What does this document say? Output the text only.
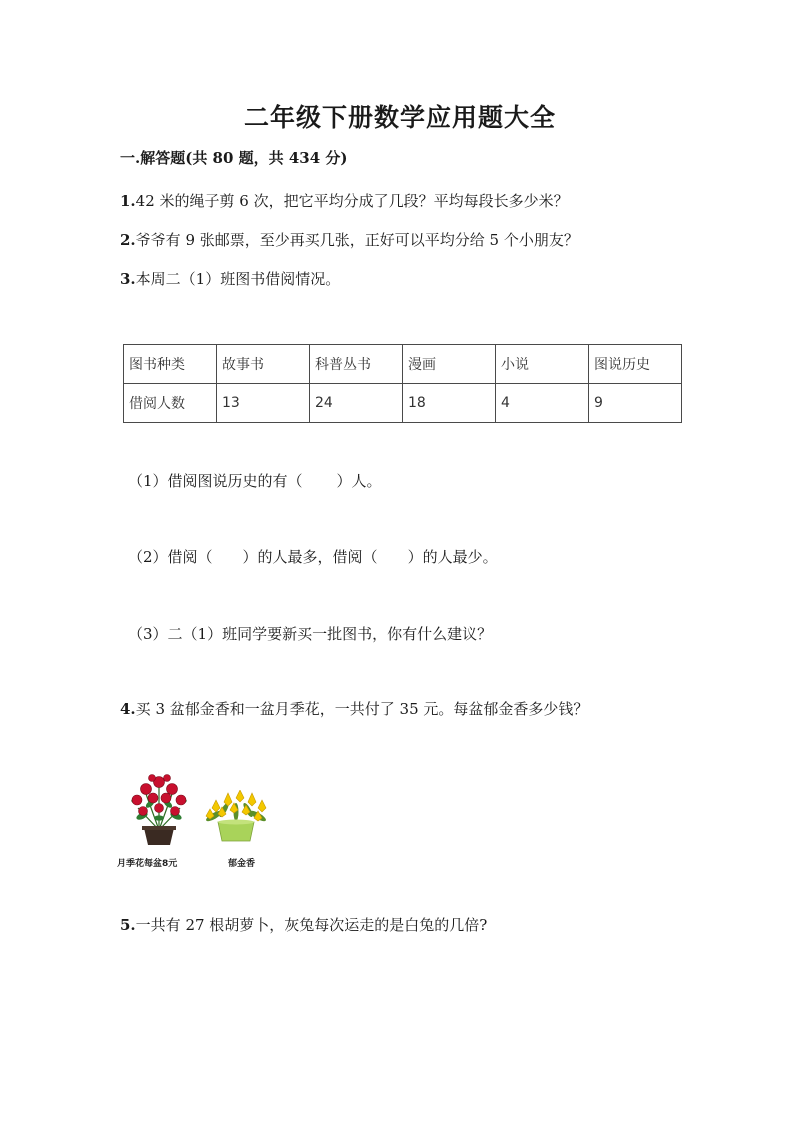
二年级下册数学应用题大全
一.解答题(共 80 题，共 434 分)
1.42 米的绳子剪 6 次，把它平均分成了几段？平均每段长多少米？
2.爷爷有 9 张邮票，至少再买几张，正好可以平均分给 5 个小朋友？
3.本周二（1）班图书借阅情况。
图书种类	故事书	科普丛书	漫画	小说	图说历史
借阅人数	13	24	18	4	9
（1）借阅图说历史的有（ ）人。
（2）借阅（ ）的人最多，借阅（ ）的人最少。
（3）二（1）班同学要新买一批图书，你有什么建议？
4.买 3 盆郁金香和一盆月季花，一共付了 35 元。每盆郁金香多少钱？
月季花每盆8元	郁金香
5.一共有 27 根胡萝卜，灰兔每次运走的是白兔的几倍?
